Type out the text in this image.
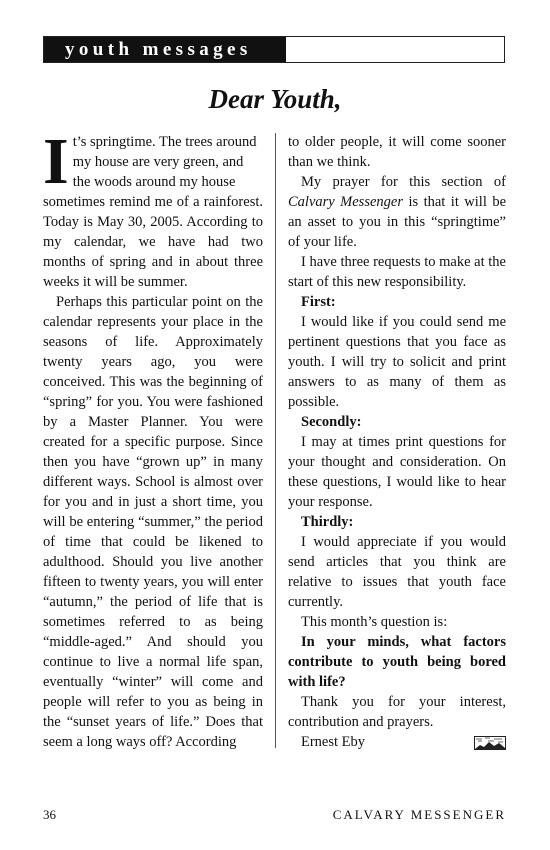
youth messages
Dear Youth,

I t’s springtime. The trees around
my house are very green, and
the woods around my house
sometimes remind me of a rainforest. Today is May 30, 2005. According to my calendar, we have had two months of spring and in about three weeks it will be summer.

Perhaps this particular point on the calendar represents your place in the seasons of life. Approximately twenty years ago, you were conceived. This was the beginning of “spring” for you. You were fashioned by a Master Planner. You were created for a specific purpose. Since then you have “grown up” in many different ways. School is almost over for you and in just a short time, you will be entering “summer,” the period of time that could be likened to adulthood. Should you live another fifteen to twenty years, you will enter “autumn,” the period of life that is sometimes referred to as being “middle-aged.” And should you continue to live a normal life span, eventually “winter” will come and people will refer to you as being in the “sunset years of life.” Does that seem a long ways off? According

to older people, it will come sooner than we think.

My prayer for this section of Calvary Messenger is that it will be an asset to you in this “springtime” of your life.

I have three requests to make at the start of this new responsibility.

First:

I would like if you could send me pertinent questions that you face as youth. I will try to solicit and print answers to as many of them as possible.

Secondly:

I may at times print questions for your thought and consideration. On these questions, I would like to hear your response.

Thirdly:

I would appreciate if you would send articles that you think are relative to issues that youth face currently.

This month’s question is:

In your minds, what factors contribute to youth being bored with life?

Thank you for your interest, contribution and prayers.

Ernest Eby

36	CALVARY MESSENGER
